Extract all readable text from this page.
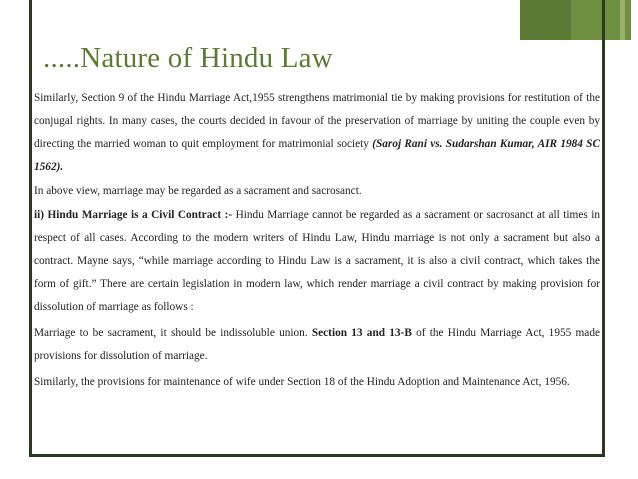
.....Nature of Hindu Law

Similarly, Section 9 of the Hindu Marriage Act,1955 strengthens matrimonial tie by making provisions for restitution of the conjugal rights. In many cases, the courts decided in favour of the preservation of marriage by uniting the couple even by directing the married woman to quit employment for matrimonial society (Saroj Rani vs. Sudarshan Kumar, AIR 1984 SC 1562).

In above view, marriage may be regarded as a sacrament and sacrosanct.

ii) Hindu Marriage is a Civil Contract :- Hindu Marriage cannot be regarded as a sacrament or sacrosanct at all times in respect of all cases. According to the modern writers of Hindu Law, Hindu marriage is not only a sacrament but also a contract. Mayne says, “while marriage according to Hindu Law is a sacrament, it is also a civil contract, which takes the form of gift.” There are certain legislation in modern law, which render marriage a civil contract by making provision for dissolution of marriage as follows :

Marriage to be sacrament, it should be indissoluble union. Section 13 and 13-B of the Hindu Marriage Act, 1955 made provisions for dissolution of marriage.

Similarly, the provisions for maintenance of wife under Section 18 of the Hindu Adoption and Maintenance Act, 1956.
